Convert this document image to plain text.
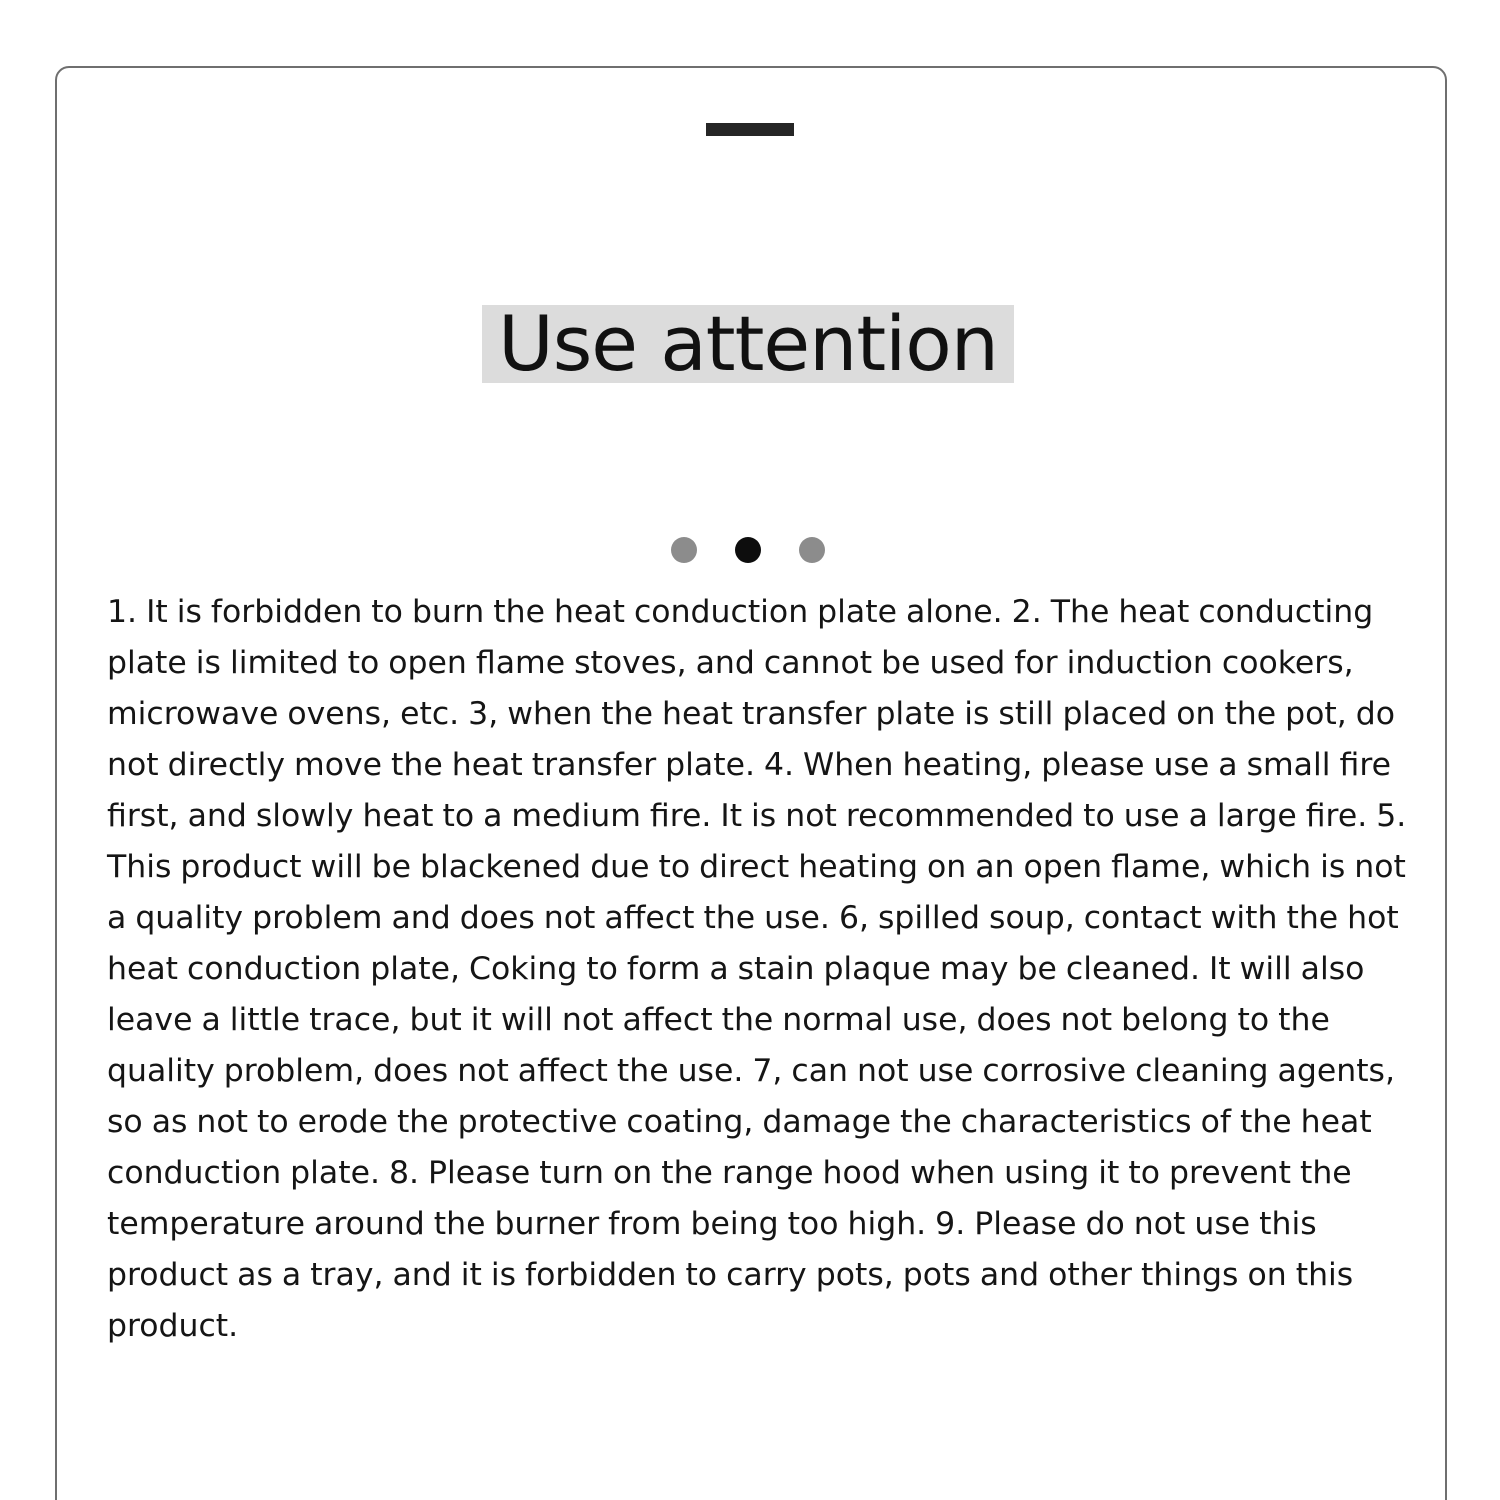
Use attention

1. It is forbidden to burn the heat conduction plate alone. 2. The heat conducting plate is limited to open flame stoves, and cannot be used for induction cookers, microwave ovens, etc. 3, when the heat transfer plate is still placed on the pot, do not directly move the heat transfer plate. 4. When heating, please use a small fire first, and slowly heat to a medium fire. It is not recommended to use a large fire. 5. This product will be blackened due to direct heating on an open flame, which is not a quality problem and does not affect the use. 6, spilled soup, contact with the hot heat conduction plate, Coking to form a stain plaque may be cleaned. It will also leave a little trace, but it will not affect the normal use, does not belong to the quality problem, does not affect the use. 7, can not use corrosive cleaning agents, so as not to erode the protective coating, damage the characteristics of the heat conduction plate. 8. Please turn on the range hood when using it to prevent the temperature around the burner from being too high. 9. Please do not use this product as a tray, and it is forbidden to carry pots, pots and other things on this product.
